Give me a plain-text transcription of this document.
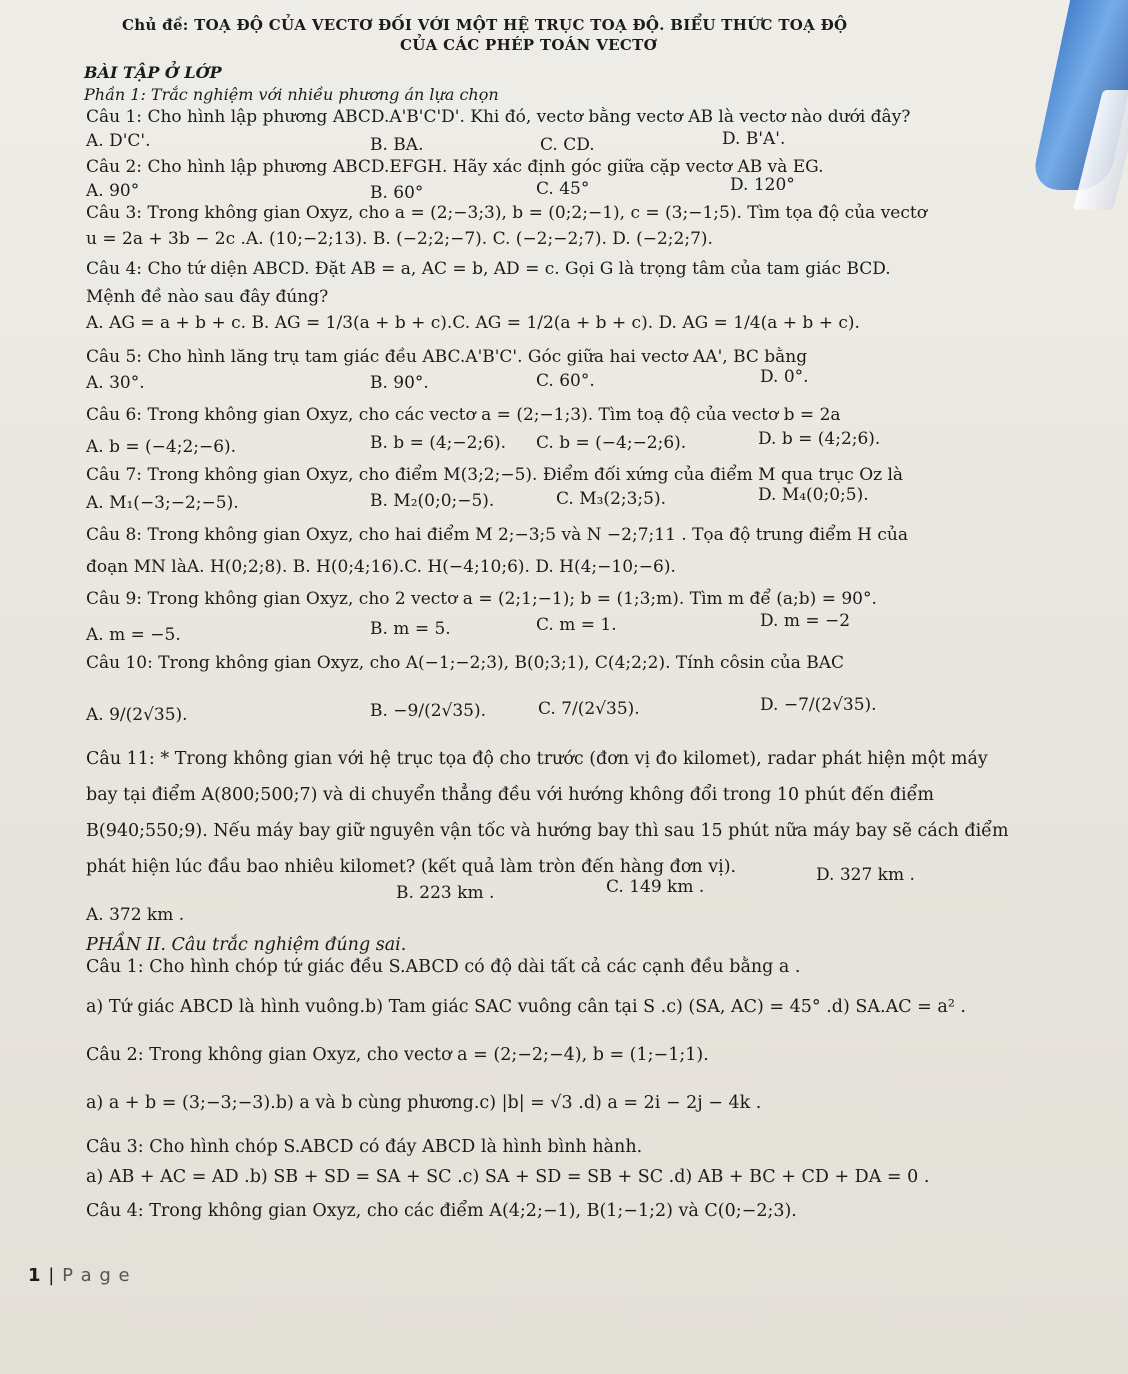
Chủ đề: TOẠ ĐỘ CỦA VECTƠ ĐỐI VỚI MỘT HỆ TRỤC TOẠ ĐỘ. BIỂU THỨC TOẠ ĐỘ
CỦA CÁC PHÉP TOÁN VECTƠ
BÀI TẬP Ở LỚP
Phần 1: Trắc nghiệm với nhiều phương án lựa chọn
Câu 1: Cho hình lập phương ABCD.A'B'C'D'. Khi đó, vectơ bằng vectơ AB là vectơ nào dưới đây?
A. D'C'.	B. BA.	C. CD.	D. B'A'.
Câu 2: Cho hình lập phương ABCD.EFGH. Hãy xác định góc giữa cặp vectơ AB và EG.
A. 90°	B. 60°	C. 45°	D. 120°
Câu 3: Trong không gian Oxyz, cho a = (2;−3;3), b = (0;2;−1), c = (3;−1;5). Tìm tọa độ của vectơ
u = 2a + 3b − 2c .A. (10;−2;13). B. (−2;2;−7). C. (−2;−2;7). D. (−2;2;7).
Câu 4: Cho tứ diện ABCD. Đặt AB = a, AC = b, AD = c. Gọi G là trọng tâm của tam giác BCD.
Mệnh đề nào sau đây đúng?
A. AG = a + b + c. B. AG = 1/3(a + b + c).C. AG = 1/2(a + b + c). D. AG = 1/4(a + b + c).
Câu 5: Cho hình lăng trụ tam giác đều ABC.A'B'C'. Góc giữa hai vectơ AA', BC bằng
A. 30°.	B. 90°.	C. 60°.	D. 0°.
Câu 6: Trong không gian Oxyz, cho các vectơ a = (2;−1;3). Tìm toạ độ của vectơ b = 2a
A. b = (−4;2;−6).	B. b = (4;−2;6). C. b = (−4;−2;6).	D. b = (4;2;6).
Câu 7: Trong không gian Oxyz, cho điểm M(3;2;−5). Điểm đối xứng của điểm M qua trục Oz là
A. M₁(−3;−2;−5).	B. M₂(0;0;−5).	C. M₃(2;3;5).	D. M₄(0;0;5).
Câu 8: Trong không gian Oxyz, cho hai điểm M 2;−3;5 và N −2;7;11 . Tọa độ trung điểm H của
đoạn MN làA. H(0;2;8). B. H(0;4;16).C. H(−4;10;6). D. H(4;−10;−6).
Câu 9: Trong không gian Oxyz, cho 2 vectơ a = (2;1;−1); b = (1;3;m). Tìm m để (a;b) = 90°.
A. m = −5.	B. m = 5.	C. m = 1.	D. m = −2
Câu 10: Trong không gian Oxyz, cho A(−1;−2;3), B(0;3;1), C(4;2;2). Tính côsin của BAC
A. 9/(2√35).	B. −9/(2√35).	C. 7/(2√35).	D. −7/(2√35).
Câu 11: * Trong không gian với hệ trục tọa độ cho trước (đơn vị đo kilomet), radar phát hiện một máy
bay tại điểm A(800;500;7) và di chuyển thẳng đều với hướng không đổi trong 10 phút đến điểm
B(940;550;9). Nếu máy bay giữ nguyên vận tốc và hướng bay thì sau 15 phút nữa máy bay sẽ cách điểm
phát hiện lúc đầu bao nhiêu kilomet? (kết quả làm tròn đến hàng đơn vị).
A. 372 km .
B. 223 km .	C. 149 km .
D. 327 km .
PHẦN II. Câu trắc nghiệm đúng sai.
Câu 1: Cho hình chóp tứ giác đều S.ABCD có độ dài tất cả các cạnh đều bằng a .
a) Tứ giác ABCD là hình vuông.b) Tam giác SAC vuông cân tại S .c) (SA, AC) = 45° .d) SA.AC = a² .
Câu 2: Trong không gian Oxyz, cho vectơ a = (2;−2;−4), b = (1;−1;1).
a) a + b = (3;−3;−3).b) a và b cùng phương.c) |b| = √3 .d) a = 2i − 2j − 4k .
Câu 3: Cho hình chóp S.ABCD có đáy ABCD là hình bình hành.
a) AB + AC = AD .b) SB + SD = SA + SC .c) SA + SD = SB + SC .d) AB + BC + CD + DA = 0 .
Câu 4: Trong không gian Oxyz, cho các điểm A(4;2;−1), B(1;−1;2) và C(0;−2;3).
1 | P a g e
